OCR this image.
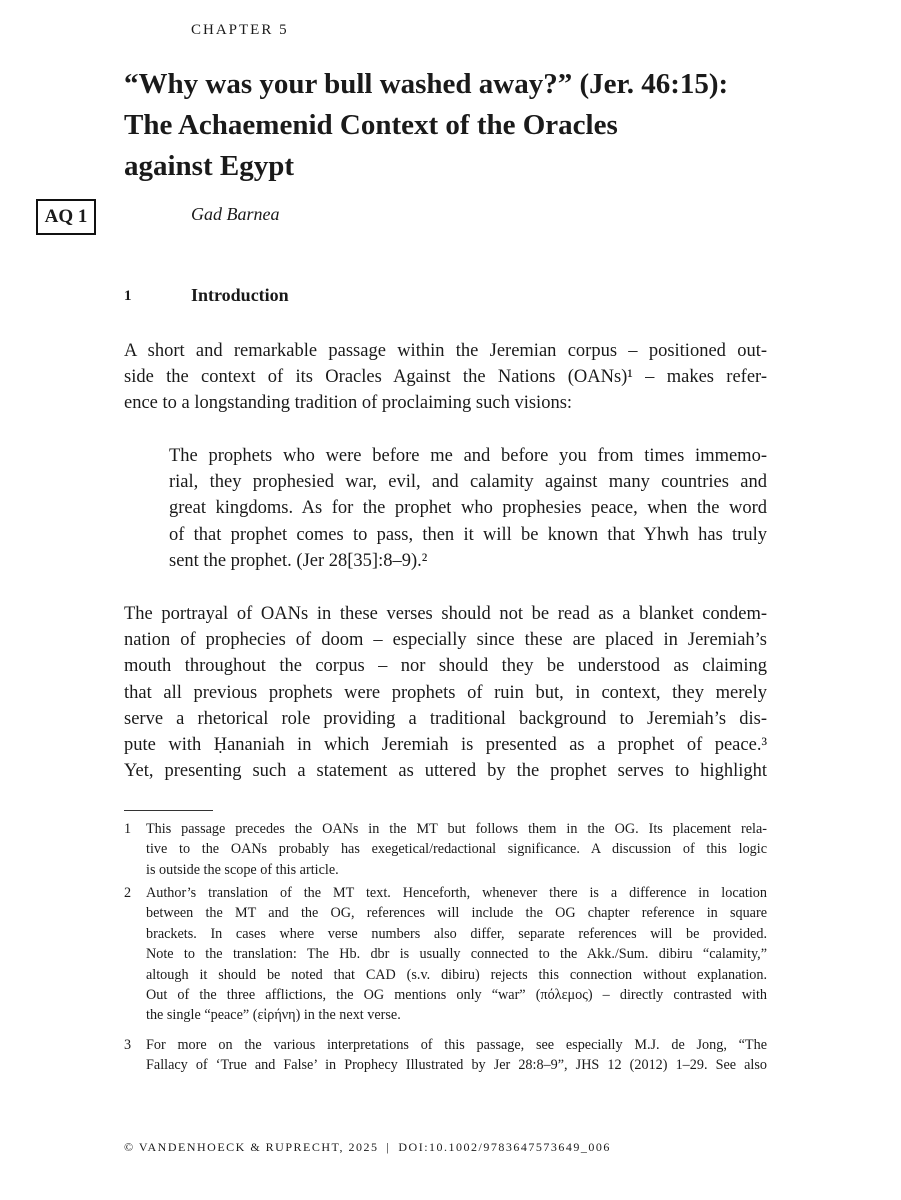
CHAPTER 5
“Why was your bull washed away?” (Jer. 46:15):
The Achaemenid Context of the Oracles
against Egypt
AQ 1	Gad Barnea
1	Introduction

A short and remarkable passage within the Jeremian corpus – positioned out-
side the context of its Oracles Against the Nations (OANs)¹ – makes refer-
ence to a longstanding tradition of proclaiming such visions:

The prophets who were before me and before you from times immemo-
rial, they prophesied war, evil, and calamity against many countries and
great kingdoms. As for the prophet who prophesies peace, when the word
of that prophet comes to pass, then it will be known that Yhwh has truly
sent the prophet. (Jer 28[35]:8–9).²

The portrayal of OANs in these verses should not be read as a blanket condem-
nation of prophecies of doom – especially since these are placed in Jeremiah’s
mouth throughout the corpus – nor should they be understood as claiming
that all previous prophets were prophets of ruin but, in context, they merely
serve a rhetorical role providing a traditional background to Jeremiah’s dis-
pute with Ḥananiah in which Jeremiah is presented as a prophet of peace.³
Yet, presenting such a statement as uttered by the prophet serves to highlight

1 This passage precedes the OANs in the MT but follows them in the OG. Its placement rela-
tive to the OANs probably has exegetical/redactional significance. A discussion of this logic
is outside the scope of this article.
2 Author’s translation of the MT text. Henceforth, whenever there is a difference in location
between the MT and the OG, references will include the OG chapter reference in square
brackets. In cases where verse numbers also differ, separate references will be provided.
Note to the translation: The Hb. dbr is usually connected to the Akk./Sum. dibiru “calamity,”
altough it should be noted that CAD (s.v. dibiru) rejects this connection without explanation.
Out of the three afflictions, the OG mentions only “war” (πόλεμος) – directly contrasted with
the single “peace” (εἰρήνη) in the next verse.
3 For more on the various interpretations of this passage, see especially M.J. de Jong, “The
Fallacy of ‘True and False’ in Prophecy Illustrated by Jer 28:8–9”, JHS 12 (2012) 1–29. See also
© VANDENHOECK & RUPRECHT, 2025 | DOI:10.1002/9783647573649_006
